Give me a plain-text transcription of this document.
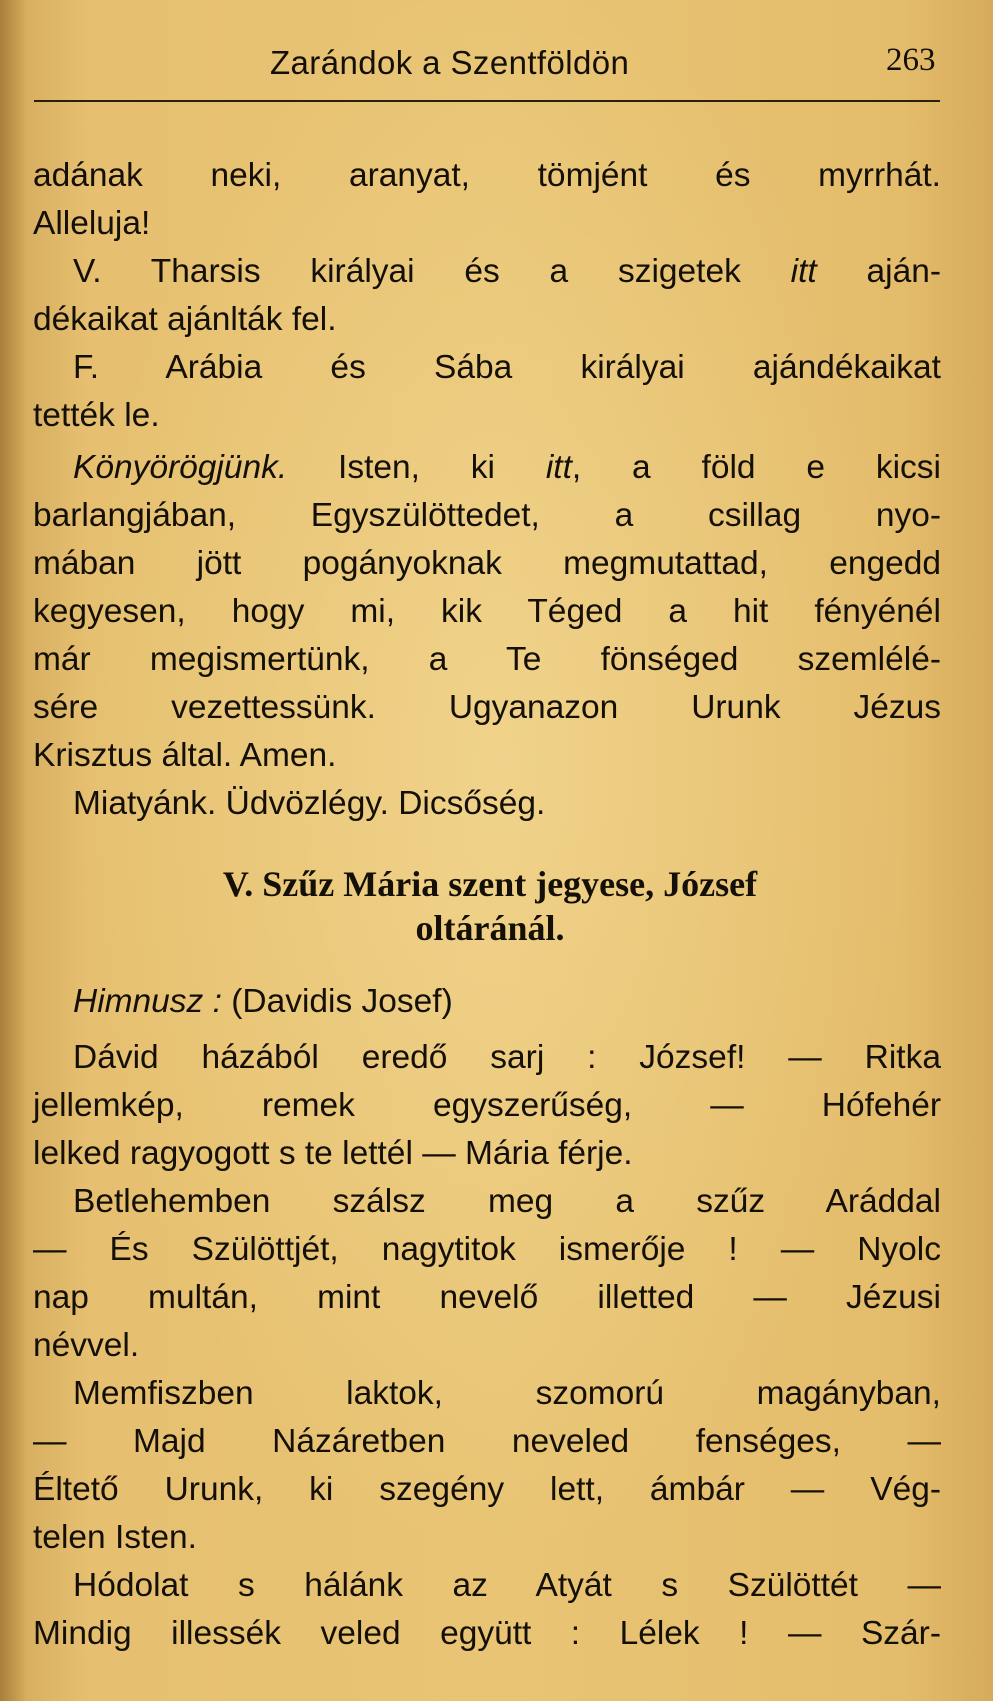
Zarándok a Szentföldön	263

adának neki, aranyat, tömjént és myrrhát.
Alleluja!

V. Tharsis királyai és a szigetek itt aján-
dékaikat ajánlták fel.

F. Arábia és Sába királyai ajándékaikat
tették le.

Könyörögjünk. Isten, ki itt, a föld e kicsi
barlangjában, Egyszülöttedet, a csillag nyo-
mában jött pogányoknak megmutattad, engedd
kegyesen, hogy mi, kik Téged a hit fényénél
már megismertünk, a Te fönséged szemlélé-
sére vezettessünk. Ugyanazon Urunk Jézus
Krisztus által. Amen.

Miatyánk. Üdvözlégy. Dicsőség.

V. Szűz Mária szent jegyese, József
oltáránál.

Himnusz : (Davidis Josef)

Dávid házából eredő sarj : József! — Ritka
jellemkép, remek egyszerűség, — Hófehér
lelked ragyogott s te lettél — Mária férje.

Betlehemben szálsz meg a szűz Aráddal
— És Szülöttjét, nagytitok ismerője ! — Nyolc
nap multán, mint nevelő illetted — Jézusi
névvel.

Memfiszben laktok, szomorú magányban,
— Majd Názáretben neveled fenséges, —
Éltető Urunk, ki szegény lett, ámbár — Vég-
telen Isten.

Hódolat s hálánk az Atyát s Szülöttét —
Mindig illessék veled együtt : Lélek ! — Szár-
